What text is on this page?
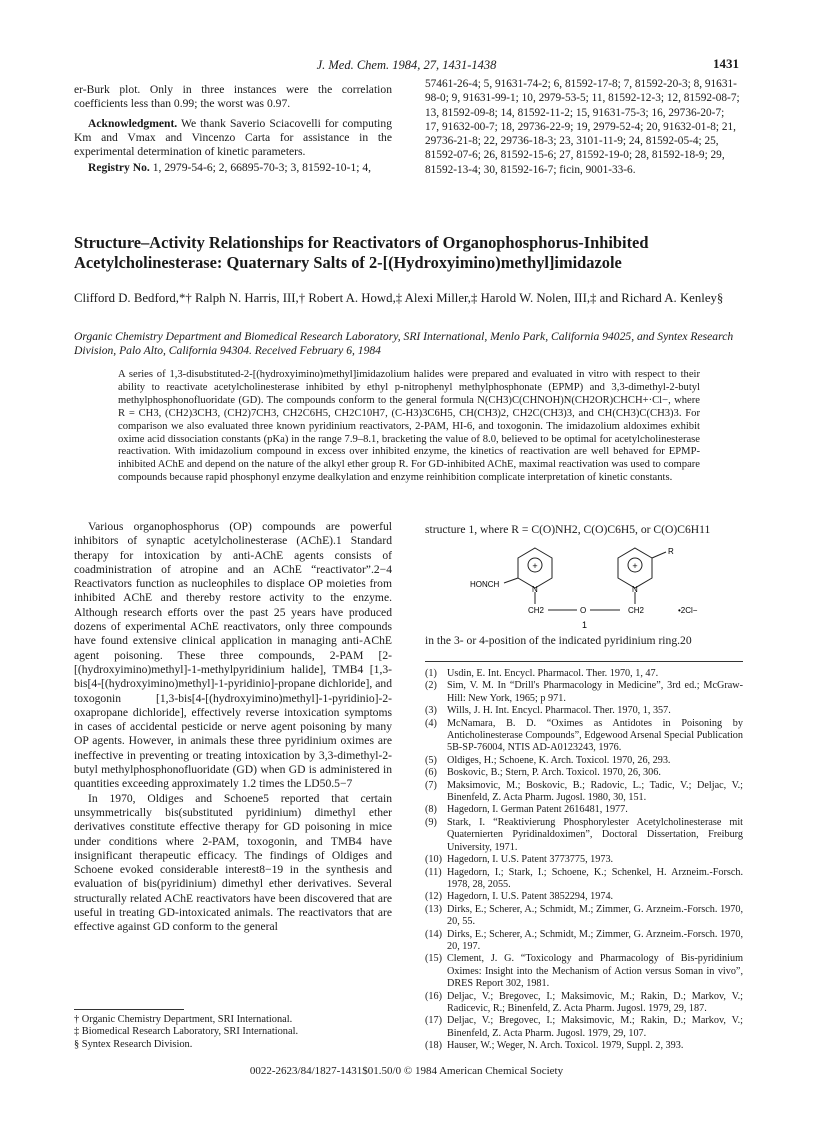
J. Med. Chem. 1984, 27, 1431-1438	1431

er-Burk plot. Only in three instances were the correlation coefficients less than 0.99; the worst was 0.97.

Acknowledgment. We thank Saverio Sciacovelli for computing Km and Vmax and Vincenzo Carta for assistance in the experimental determination of kinetic parameters.

Registry No. 1, 2979-54-6; 2, 66895-70-3; 3, 81592-10-1; 4,

57461-26-4; 5, 91631-74-2; 6, 81592-17-8; 7, 81592-20-3; 8, 91631-98-0; 9, 91631-99-1; 10, 2979-53-5; 11, 81592-12-3; 12, 81592-08-7; 13, 81592-09-8; 14, 81592-11-2; 15, 91631-75-3; 16, 29736-20-7; 17, 91632-00-7; 18, 29736-22-9; 19, 2979-52-4; 20, 91632-01-8; 21, 29736-21-8; 22, 29736-18-3; 23, 3101-11-9; 24, 81592-05-4; 25, 81592-07-6; 26, 81592-15-6; 27, 81592-19-0; 28, 81592-18-9; 29, 81592-13-4; 30, 81592-16-7; ficin, 9001-33-6.
Structure–Activity Relationships for Reactivators of Organophosphorus-Inhibited Acetylcholinesterase: Quaternary Salts of 2-[(Hydroxyimino)methyl]imidazole
Clifford D. Bedford,*† Ralph N. Harris, III,† Robert A. Howd,‡ Alexi Miller,‡ Harold W. Nolen, III,‡ and Richard A. Kenley§
Organic Chemistry Department and Biomedical Research Laboratory, SRI International, Menlo Park, California 94025, and Syntex Research Division, Palo Alto, California 94304. Received February 6, 1984
A series of 1,3-disubstituted-2-[(hydroxyimino)methyl]imidazolium halides were prepared and evaluated in vitro with respect to their ability to reactivate acetylcholinesterase inhibited by ethyl p-nitrophenyl methylphosphonate (EPMP) and 3,3-dimethyl-2-butyl methylphosphonofluoridate (GD). The compounds conform to the general formula N(CH3)C(CHNOH)N(CH2OR)CHCH+·Cl−, where R = CH3, (CH2)3CH3, (CH2)7CH3, CH2C6H5, CH2C10H7, (C-H3)3C6H5, CH(CH3)2, CH2C(CH3)3, and CH(CH3)C(CH3)3. For comparison we also evaluated three known pyridinium reactivators, 2-PAM, HI-6, and toxogonin. The imidazolium aldoximes exhibit oxime acid dissociation constants (pKa) in the range 7.9–8.1, bracketing the value of 8.0, believed to be optimal for acetylcholinesterase reactivation. With imidazolium compound in excess over inhibited enzyme, the kinetics of reactivation are well behaved for EPMP-inhibited AChE and depend on the nature of the alkyl ether group R. For GD-inhibited AChE, maximal reactivation was used to compare compounds because rapid phosphonyl enzyme dealkylation and enzyme reinhibition complicate interpretation of kinetic constants.

Various organophosphorus (OP) compounds are powerful inhibitors of synaptic acetylcholinesterase (AChE).1 Standard therapy for intoxication by anti-AChE agents consists of coadministration of atropine and an AChE “reactivator”.2−4 Reactivators function as nucleophiles to displace OP moieties from inhibited AChE and thereby restore activity to the enzyme. Although research efforts over the past 25 years have produced dozens of experimental AChE reactivators, only three compounds have found extensive clinical application in managing anti-AChE agent poisoning. These three compounds, 2-PAM [2-[(hydroxyimino)methyl]-1-methylpyridinium halide], TMB4 [1,3-bis[4-[(hydroxyimino)methyl]-1-pyridinio]-propane dichloride], and toxogonin [1,3-bis[4-[(hydroxyimino)methyl]-1-pyridinio]-2-oxapropane dichloride], effectively reverse intoxication symptoms in cases of accidental pesticide or nerve agent poisoning by many OP agents. However, in animals these three pyridinium oximes are ineffective in preventing or treating intoxication by 3,3-dimethyl-2-butyl methylphosphonofluoridate (GD) when GD is administered in quantities exceeding approximately 1.2 times the LD50.5−7

In 1970, Oldiges and Schoene5 reported that certain unsymmetrically bis(substituted pyridinium) dimethyl ether derivatives constitute effective therapy for GD poisoning in mice under conditions where 2-PAM, toxogonin, and TMB4 have insignificant therapeutic efficacy. The findings of Oldiges and Schoene evoked considerable interest8−19 in the synthesis and evaluation of bis(pyridinium) dimethyl ether derivatives. Several structurally related AChE reactivators have been discovered that are useful in treating GD-intoxicated animals. The reactivators that are effective against GD conform to the general

structure 1, where R = C(O)NH2, C(O)C6H5, or C(O)C6H11
+	+
HONCH
N	N
R
CH2	O	CH2	•2Cl−
1
in the 3- or 4-position of the indicated pyridinium ring.20
(1) Usdin, E. Int. Encycl. Pharmacol. Ther. 1970, 1, 47.
(2) Sim, V. M. In “Drill's Pharmacology in Medicine”, 3rd ed.; McGraw-Hill: New York, 1965; p 971.
(3) Wills, J. H. Int. Encycl. Pharmacol. Ther. 1970, 1, 357.
(4) McNamara, B. D. “Oximes as Antidotes in Poisoning by Anticholinesterase Compounds”, Edgewood Arsenal Special Publication 5B-SP-76004, NTIS AD-A0123243, 1976.
(5) Oldiges, H.; Schoene, K. Arch. Toxicol. 1970, 26, 293.
(6) Boskovic, B.; Stern, P. Arch. Toxicol. 1970, 26, 306.
(7) Maksimovic, M.; Boskovic, B.; Radovic, L.; Tadic, V.; Deljac, V.; Binenfeld, Z. Acta Pharm. Jugosl. 1980, 30, 151.
(8) Hagedorn, I. German Patent 2616481, 1977.
(9) Stark, I. “Reaktivierung Phosphorylester Acetylcholinesterase mit Quaternierten Pyridinaldoximen”, Doctoral Dissertation, Freiburg University, 1971.
(10) Hagedorn, I. U.S. Patent 3773775, 1973.
(11) Hagedorn, I.; Stark, I.; Schoene, K.; Schenkel, H. Arzneim.-Forsch. 1978, 28, 2055.
(12) Hagedorn, I. U.S. Patent 3852294, 1974.
(13) Dirks, E.; Scherer, A.; Schmidt, M.; Zimmer, G. Arzneim.-Forsch. 1970, 20, 55.
(14) Dirks, E.; Scherer, A.; Schmidt, M.; Zimmer, G. Arzneim.-Forsch. 1970, 20, 197.
(15) Clement, J. G. “Toxicology and Pharmacology of Bis-pyridinium Oximes: Insight into the Mechanism of Action versus Soman in vivo”, DRES Report 302, 1981.
(16) Deljac, V.; Bregovec, I.; Maksimovic, M.; Rakin, D.; Markov, V.; Radicevic, R.; Binenfeld, Z. Acta Pharm. Jugosl. 1979, 29, 187.
(17) Deljac, V.; Bregovec, I.; Maksimovic, M.; Rakin, D.; Markov, V.; Binenfeld, Z. Acta Pharm. Jugosl. 1979, 29, 107.
(18) Hauser, W.; Weger, N. Arch. Toxicol. 1979, Suppl. 2, 393.
† Organic Chemistry Department, SRI International.
‡ Biomedical Research Laboratory, SRI International.
§ Syntex Research Division.
0022-2623/84/1827-1431$01.50/0 © 1984 American Chemical Society
